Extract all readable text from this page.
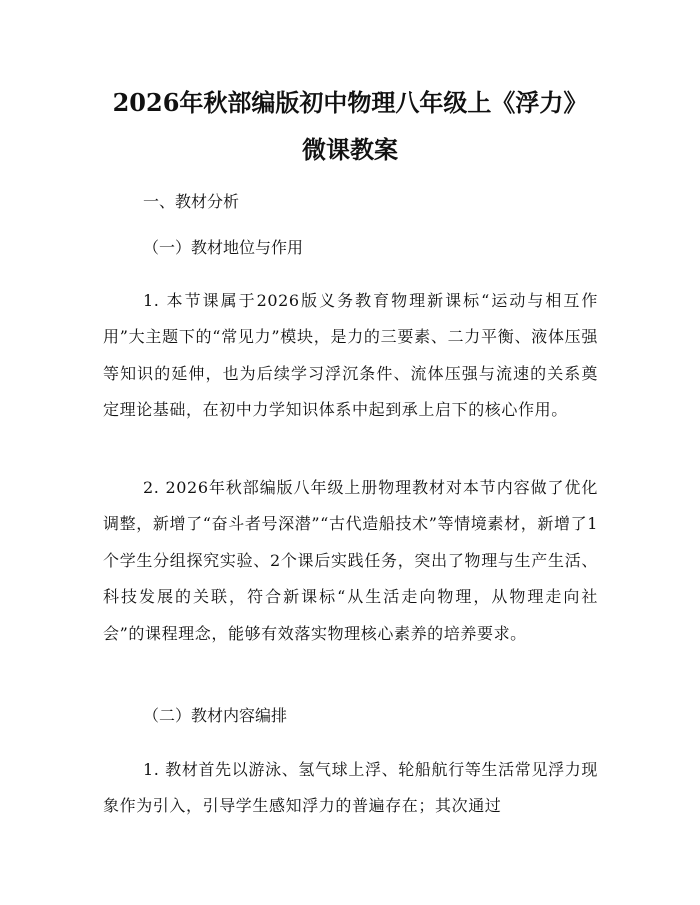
2026年秋部编版初中物理八年级上《浮力》
微课教案

一、教材分析

（一）教材地位与作用

1. 本节课属于2026版义务教育物理新课标“运动与相互作用”大主题下的“常见力”模块，是力的三要素、二力平衡、液体压强等知识的延伸，也为后续学习浮沉条件、流体压强与流速的关系奠定理论基础，在初中力学知识体系中起到承上启下的核心作用。

2. 2026年秋部编版八年级上册物理教材对本节内容做了优化调整，新增了“奋斗者号深潜”“古代造船技术”等情境素材，新增了1个学生分组探究实验、2个课后实践任务，突出了物理与生产生活、科技发展的关联，符合新课标“从生活走向物理，从物理走向社会”的课程理念，能够有效落实物理核心素养的培养要求。

（二）教材内容编排

1. 教材首先以游泳、氢气球上浮、轮船航行等生活常见浮力现象作为引入，引导学生感知浮力的普遍存在；其次通过
